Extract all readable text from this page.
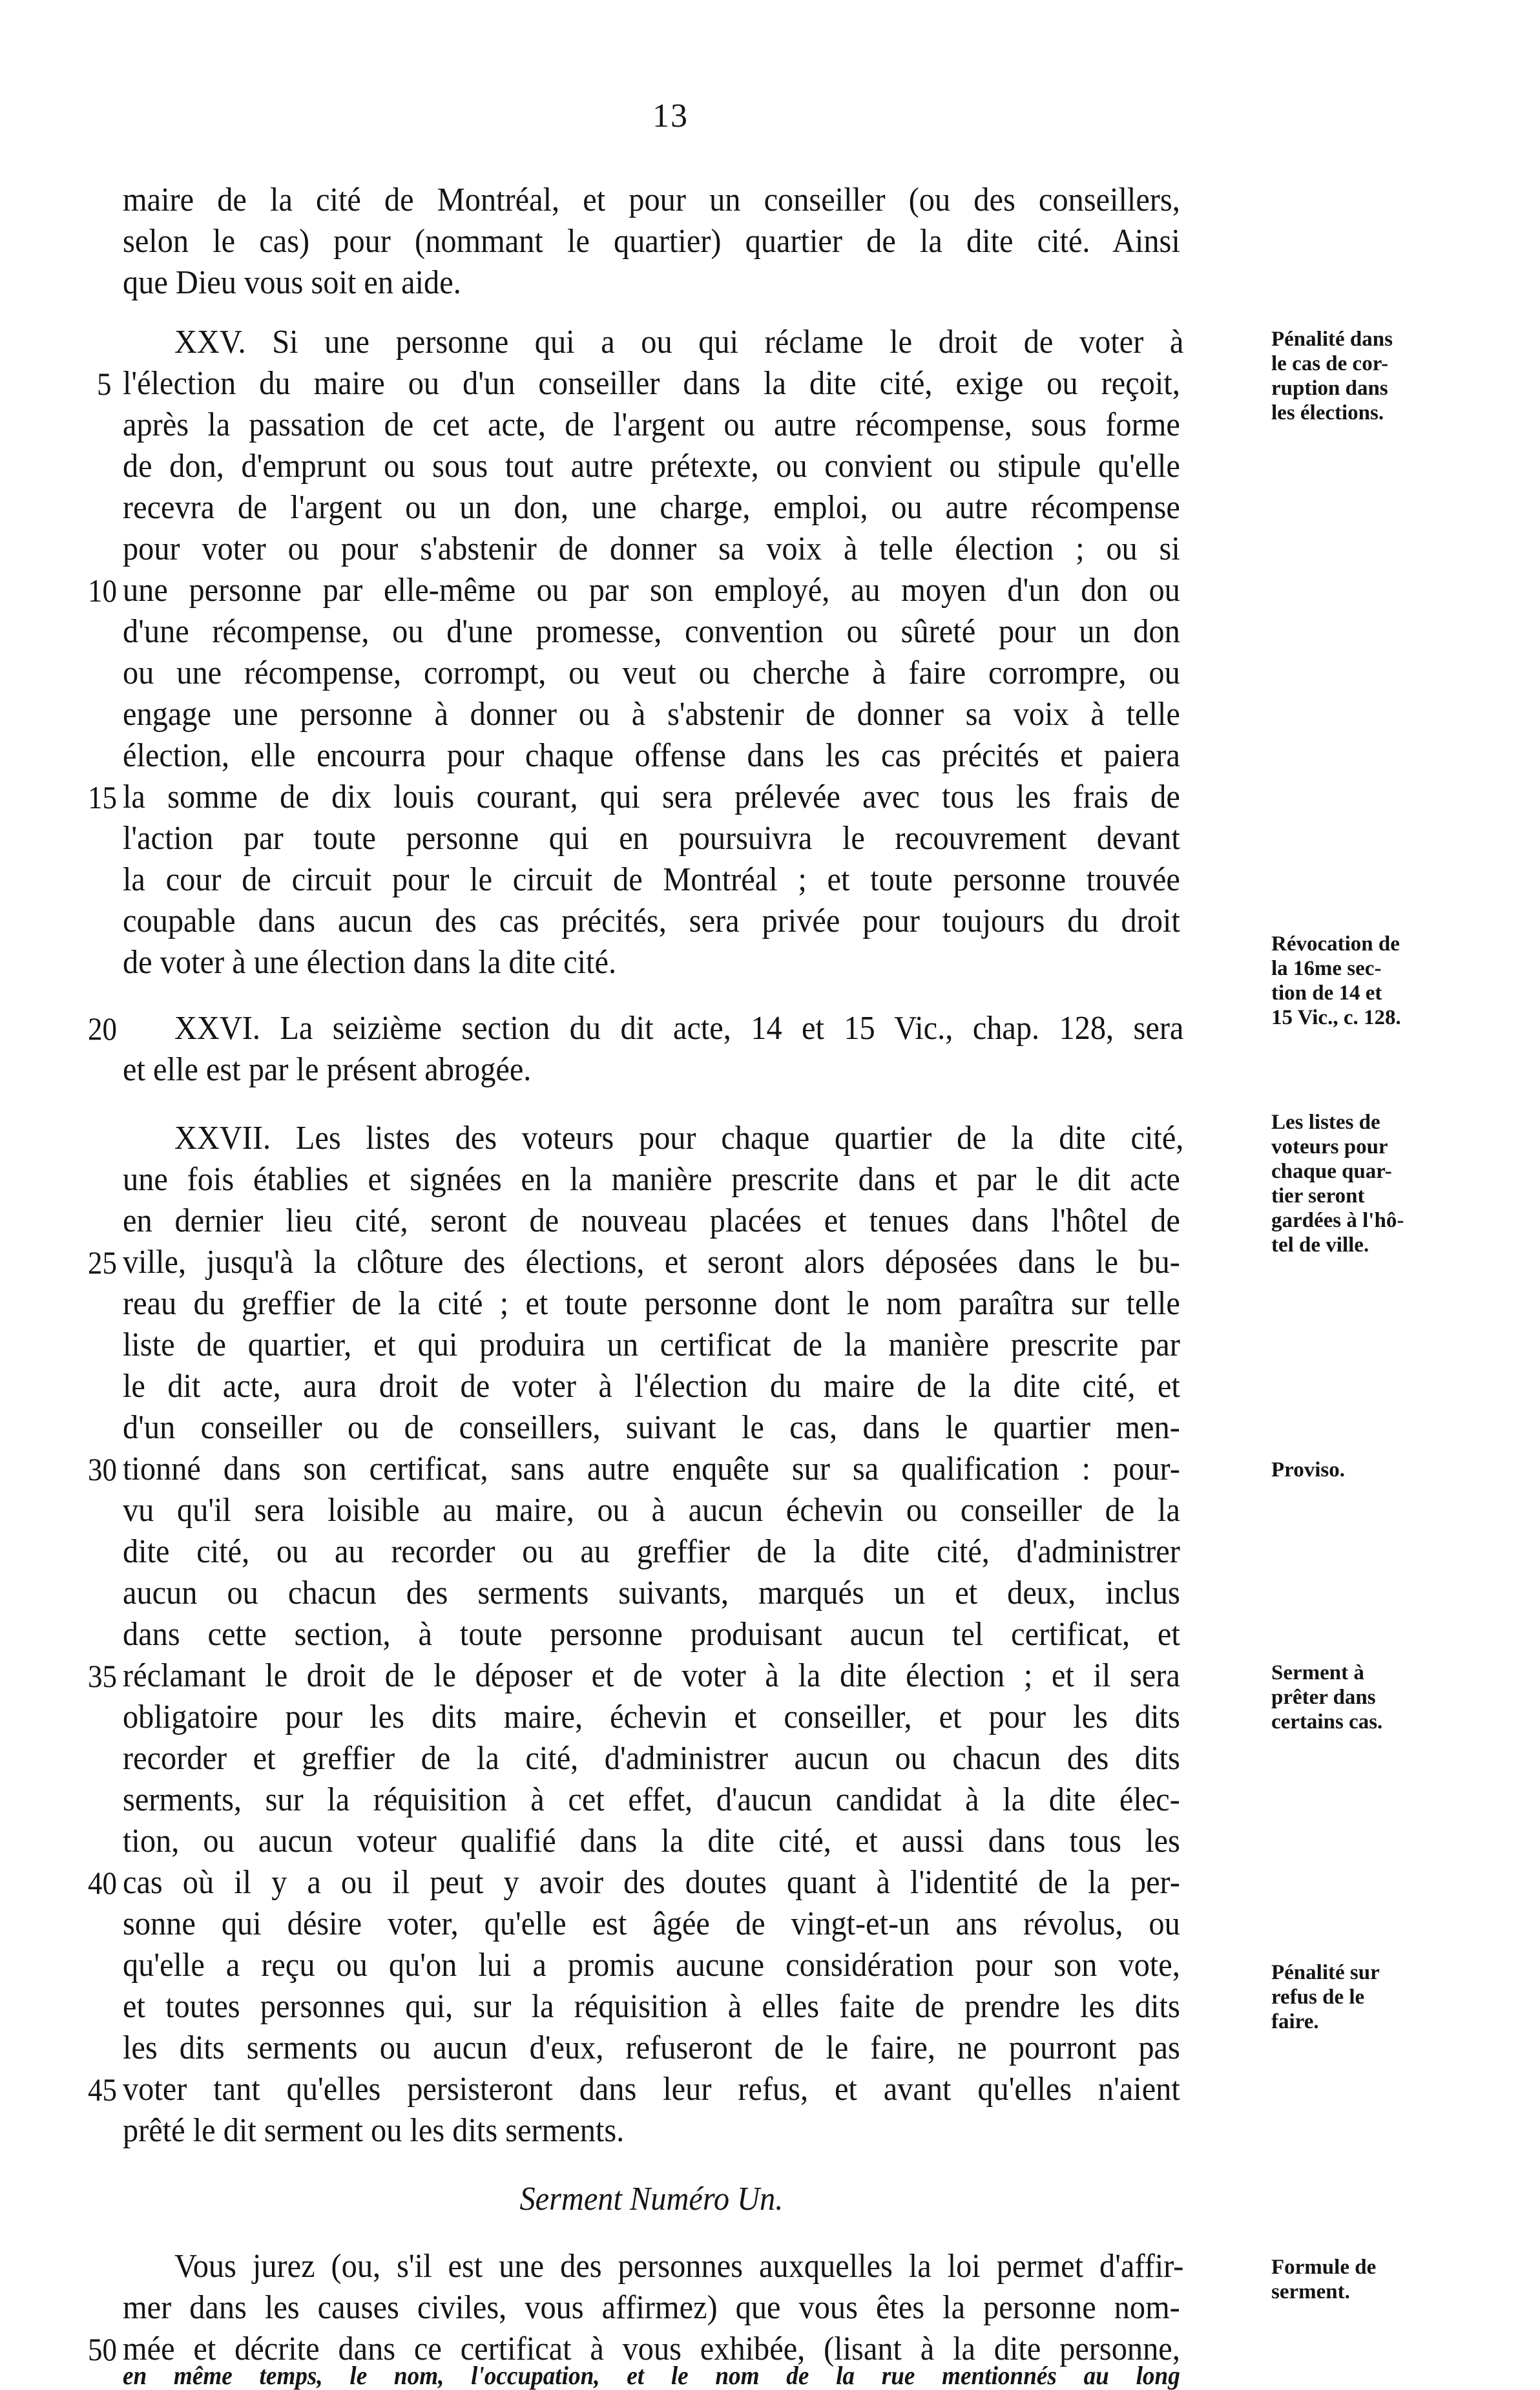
13
maire de la cité de Montréal, et pour un conseiller (ou des conseillers,
selon le cas) pour (nommant le quartier) quartier de la dite cité. Ainsi
que Dieu vous soit en aide.
XXV. Si une personne qui a ou qui réclame le droit de voter à
l'élection du maire ou d'un conseiller dans la dite cité, exige ou reçoit,
après la passation de cet acte, de l'argent ou autre récompense, sous forme
de don, d'emprunt ou sous tout autre prétexte, ou convient ou stipule qu'elle
recevra de l'argent ou un don, une charge, emploi, ou autre récompense
pour voter ou pour s'abstenir de donner sa voix à telle élection ; ou si
une personne par elle-même ou par son employé, au moyen d'un don ou
d'une récompense, ou d'une promesse, convention ou sûreté pour un don
ou une récompense, corrompt, ou veut ou cherche à faire corrompre, ou
engage une personne à donner ou à s'abstenir de donner sa voix à telle
élection, elle encourra pour chaque offense dans les cas précités et paiera
la somme de dix louis courant, qui sera prélevée avec tous les frais de
l'action par toute personne qui en poursuivra le recouvrement devant
la cour de circuit pour le circuit de Montréal ; et toute personne trouvée
coupable dans aucun des cas précités, sera privée pour toujours du droit
de voter à une élection dans la dite cité.
XXVI. La seizième section du dit acte, 14 et 15 Vic., chap. 128, sera
et elle est par le présent abrogée.
XXVII. Les listes des voteurs pour chaque quartier de la dite cité,
une fois établies et signées en la manière prescrite dans et par le dit acte
en dernier lieu cité, seront de nouveau placées et tenues dans l'hôtel de
ville, jusqu'à la clôture des élections, et seront alors déposées dans le bu-
reau du greffier de la cité ; et toute personne dont le nom paraîtra sur telle
liste de quartier, et qui produira un certificat de la manière prescrite par
le dit acte, aura droit de voter à l'élection du maire de la dite cité, et
d'un conseiller ou de conseillers, suivant le cas, dans le quartier men-
tionné dans son certificat, sans autre enquête sur sa qualification : pour-
vu qu'il sera loisible au maire, ou à aucun échevin ou conseiller de la
dite cité, ou au recorder ou au greffier de la dite cité, d'administrer
aucun ou chacun des serments suivants, marqués un et deux, inclus
dans cette section, à toute personne produisant aucun tel certificat, et
réclamant le droit de le déposer et de voter à la dite élection ; et il sera
obligatoire pour les dits maire, échevin et conseiller, et pour les dits
recorder et greffier de la cité, d'administrer aucun ou chacun des dits
serments, sur la réquisition à cet effet, d'aucun candidat à la dite élec-
tion, ou aucun voteur qualifié dans la dite cité, et aussi dans tous les
cas où il y a ou il peut y avoir des doutes quant à l'identité de la per-
sonne qui désire voter, qu'elle est âgée de vingt-et-un ans révolus, ou
qu'elle a reçu ou qu'on lui a promis aucune considération pour son vote,
et toutes personnes qui, sur la réquisition à elles faite de prendre les dits
les dits serments ou aucun d'eux, refuseront de le faire, ne pourront pas
voter tant qu'elles persisteront dans leur refus, et avant qu'elles n'aient
prêté le dit serment ou les dits serments.
Serment Numéro Un.
Vous jurez (ou, s'il est une des personnes auxquelles la loi permet d'affir-
mer dans les causes civiles, vous affirmez) que vous êtes la personne nom-
mée et décrite dans ce certificat à vous exhibée, (lisant à la dite personne,
en même temps, le nom, l'occupation, et le nom de la rue mentionnés au long
5
10
15
20
25
30
35
40
45
50
Pénalité dans
le cas de cor-
ruption dans
les élections.
Révocation de
la 16me sec-
tion de 14 et
15 Vic., c. 128.
Les listes de
voteurs pour
chaque quar-
tier seront
gardées à l'hô-
tel de ville.
Proviso.
Serment à
prêter dans
certains cas.
Pénalité sur
refus de le
faire.
Formule de
serment.
